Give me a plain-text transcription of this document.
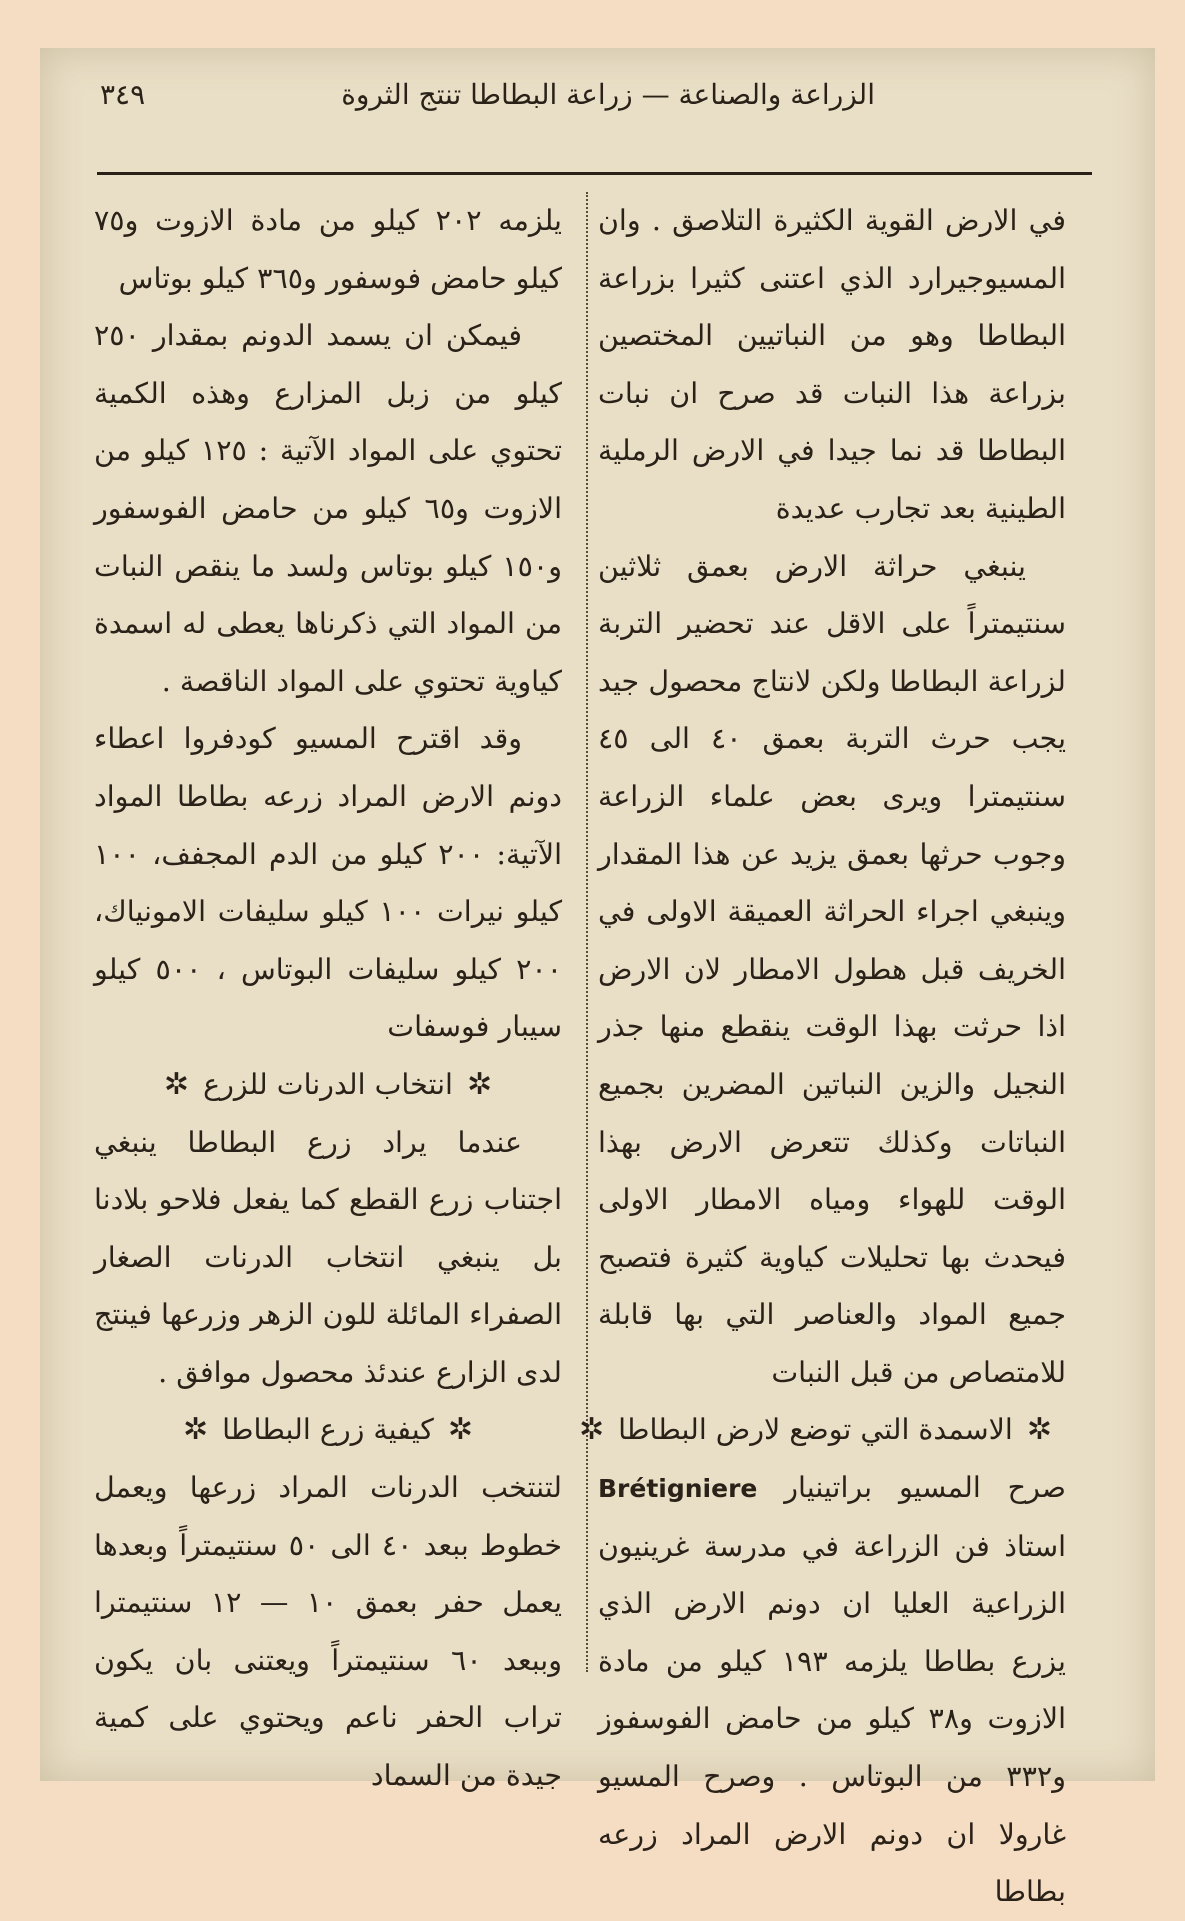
الزراعة والصناعة — زراعة البطاطا تنتج الثروة
٣٤٩

في الارض القوية الكثيرة التلاصق . وان المسيوجيرارد الذي اعتنى كثيرا بزراعة البطاطا وهو من النباتيين المختصين بزراعة هذا النبات قد صرح ان نبات البطاطا قد نما جيدا في الارض الرملية الطينية بعد تجارب عديدة

ينبغي حراثة الارض بعمق ثلاثين سنتيمتراً على الاقل عند تحضير التربة لزراعة البطاطا ولكن لانتاج محصول جيد يجب حرث التربة بعمق ٤٠ الى ٤٥ سنتيمترا ويرى بعض علماء الزراعة وجوب حرثها بعمق يزيد عن هذا المقدار وينبغي اجراء الحراثة العميقة الاولى في الخريف قبل هطول الامطار لان الارض اذا حرثت بهذا الوقت ينقطع منها جذر النجيل والزين النباتين المضرين بجميع النباتات وكذلك تتعرض الارض بهذا الوقت للهواء ومياه الامطار الاولى فيحدث بها تحليلات كياوية كثيرة فتصبح جميع المواد والعناصر التي بها قابلة للامتصاص من قبل النبات

✲الاسمدة التي توضع لارض البطاطا✲

صرح المسيو براتينيار Brétigniere استاذ فن الزراعة في مدرسة غرينيون الزراعية العليا ان دونم الارض الذي يزرع بطاطا يلزمه ١٩٣ كيلو من مادة الازوت و٣٨ كيلو من حامض الفوسفوز و٣٣٢ من البوتاس . وصرح المسيو غارولا ان دونم الارض المراد زرعه بطاطا

يلزمه ٢٠٢ كيلو من مادة الازوت و٧٥ كيلو حامض فوسفور و٣٦٥ كيلو بوتاس

فيمكن ان يسمد الدونم بمقدار ٢٥٠ كيلو من زبل المزارع وهذه الكمية تحتوي على المواد الآتية : ١٢٥ كيلو من الازوت و٦٥ كيلو من حامض الفوسفور و١٥٠ كيلو بوتاس ولسد ما ينقص النبات من المواد التي ذكرناها يعطى له اسمدة كياوية تحتوي على المواد الناقصة .

وقد اقترح المسيو كودفروا اعطاء دونم الارض المراد زرعه بطاطا المواد الآتية: ٢٠٠ كيلو من الدم المجفف، ١٠٠ كيلو نيرات ١٠٠ كيلو سليفات الامونياك، ٢٠٠ كيلو سليفات البوتاس ، ٥٠٠ كيلو سيبار فوسفات

✲انتخاب الدرنات للزرع✲

عندما يراد زرع البطاطا ينبغي اجتناب زرع القطع كما يفعل فلاحو بلادنا بل ينبغي انتخاب الدرنات الصغار الصفراء المائلة للون الزهر وزرعها فينتج لدى الزارع عندئذ محصول موافق .

✲كيفية زرع البطاطا✲

لتنتخب الدرنات المراد زرعها ويعمل خطوط ببعد ٤٠ الى ٥٠ سنتيمتراً وبعدها يعمل حفر بعمق ١٠ — ١٢ سنتيمترا وببعد ٦٠ سنتيمتراً ويعتنى بان يكون تراب الحفر ناعم ويحتوي على كمية جيدة من السماد
